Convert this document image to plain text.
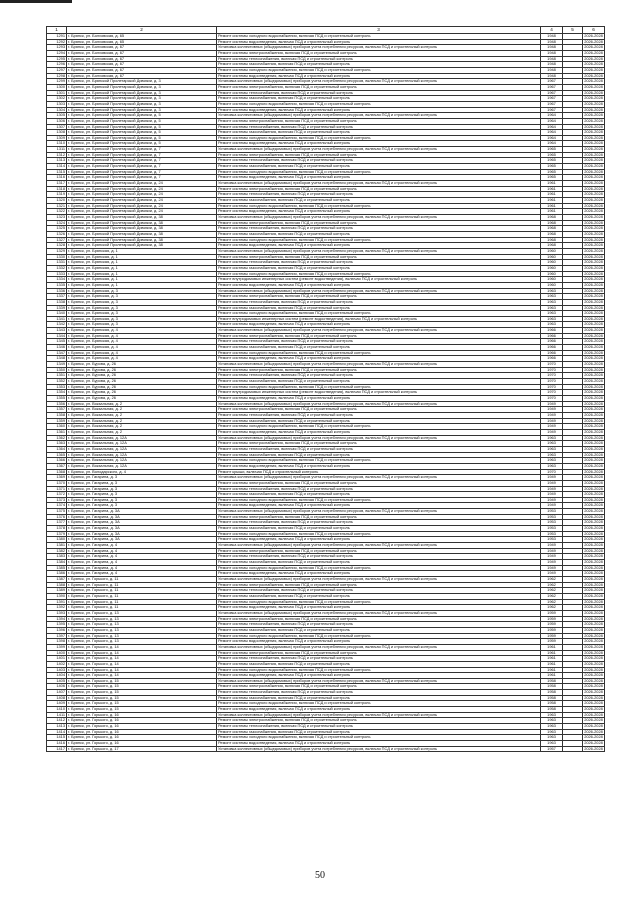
1	2	3	4	5	6
1291	г. Брянск, ул. Болховская, д. 65	Ремонт системы холодного водоснабжения, включая ПСД и строительный контроль	1948		2026-2028
1292	г. Брянск, ул. Болховская, д. 65	Ремонт системы водоотведения, включая ПСД и строительный контроль	1948		2026-2028
1293	г. Брянск, ул. Болховская, д. 67	Установка коллективных (общедомовых) приборов учета потребления ресурсов, включая ПСД и строительный контроль	1948		2026-2028
1294	г. Брянск, ул. Болховская, д. 67	Ремонт системы электроснабжения, включая ПСД и строительный контроль	1948		2026-2028
1295	г. Брянск, ул. Болховская, д. 67	Ремонт системы теплоснабжения, включая ПСД и строительный контроль	1948		2026-2028
1296	г. Брянск, ул. Болховская, д. 67	Ремонт системы газоснабжения, включая ПСД и строительный контроль	1948		2026-2028
1297	г. Брянск, ул. Болховская, д. 67	Ремонт системы холодного водоснабжения, включая ПСД и строительный контроль	1948		2026-2028
1298	г. Брянск, ул. Болховская, д. 67	Ремонт системы водоотведения, включая ПСД и строительный контроль	1948		2026-2028
1299	г. Брянск, ул. Брянской Пролетарской Дивизии, д. 3	Установка коллективных (общедомовых) приборов учета потребления ресурсов, включая ПСД и строительный контроль	1967		2026-2028
1300	г. Брянск, ул. Брянской Пролетарской Дивизии, д. 3	Ремонт системы электроснабжения, включая ПСД и строительный контроль	1967		2026-2028
1301	г. Брянск, ул. Брянской Пролетарской Дивизии, д. 3	Ремонт системы теплоснабжения, включая ПСД и строительный контроль	1967		2026-2028
1302	г. Брянск, ул. Брянской Пролетарской Дивизии, д. 3	Ремонт системы газоснабжения, включая ПСД и строительный контроль	1967		2026-2028
1303	г. Брянск, ул. Брянской Пролетарской Дивизии, д. 3	Ремонт системы холодного водоснабжения, включая ПСД и строительный контроль	1967		2026-2028
1304	г. Брянск, ул. Брянской Пролетарской Дивизии, д. 3	Ремонт системы водоотведения, включая ПСД и строительный контроль	1967		2026-2028
1305	г. Брянск, ул. Брянской Пролетарской Дивизии, д. 5	Установка коллективных (общедомовых) приборов учета потребления ресурсов, включая ПСД и строительный контроль	1964		2026-2028
1306	г. Брянск, ул. Брянской Пролетарской Дивизии, д. 5	Ремонт системы электроснабжения, включая ПСД и строительный контроль	1964		2026-2028
1307	г. Брянск, ул. Брянской Пролетарской Дивизии, д. 5	Ремонт системы теплоснабжения, включая ПСД и строительный контроль	1964		2026-2028
1308	г. Брянск, ул. Брянской Пролетарской Дивизии, д. 5	Ремонт системы газоснабжения, включая ПСД и строительный контроль	1964		2026-2028
1309	г. Брянск, ул. Брянской Пролетарской Дивизии, д. 5	Ремонт системы холодного водоснабжения, включая ПСД и строительный контроль	1964		2026-2028
1310	г. Брянск, ул. Брянской Пролетарской Дивизии, д. 5	Ремонт системы водоотведения, включая ПСД и строительный контроль	1964		2026-2028
1311	г. Брянск, ул. Брянской Пролетарской Дивизии, д. 7	Установка коллективных (общедомовых) приборов учета потребления ресурсов, включая ПСД и строительный контроль	1965		2026-2028
1312	г. Брянск, ул. Брянской Пролетарской Дивизии, д. 7	Ремонт системы электроснабжения, включая ПСД и строительный контроль	1965		2026-2028
1313	г. Брянск, ул. Брянской Пролетарской Дивизии, д. 7	Ремонт системы теплоснабжения, включая ПСД и строительный контроль	1965		2026-2028
1314	г. Брянск, ул. Брянской Пролетарской Дивизии, д. 7	Ремонт системы газоснабжения, включая ПСД и строительный контроль	1965		2026-2028
1315	г. Брянск, ул. Брянской Пролетарской Дивизии, д. 7	Ремонт системы холодного водоснабжения, включая ПСД и строительный контроль	1965		2026-2028
1316	г. Брянск, ул. Брянской Пролетарской Дивизии, д. 7	Ремонт системы водоотведения, включая ПСД и строительный контроль	1965		2026-2028
1317	г. Брянск, ул. Брянской Пролетарской Дивизии, д. 24	Установка коллективных (общедомовых) приборов учета потребления ресурсов, включая ПСД и строительный контроль	1961		2026-2028
1318	г. Брянск, ул. Брянской Пролетарской Дивизии, д. 24	Ремонт системы электроснабжения, включая ПСД и строительный контроль	1961		2026-2028
1319	г. Брянск, ул. Брянской Пролетарской Дивизии, д. 24	Ремонт системы теплоснабжения, включая ПСД и строительный контроль	1961		2026-2028
1320	г. Брянск, ул. Брянской Пролетарской Дивизии, д. 24	Ремонт системы газоснабжения, включая ПСД и строительный контроль	1961		2026-2028
1321	г. Брянск, ул. Брянской Пролетарской Дивизии, д. 24	Ремонт системы холодного водоснабжения, включая ПСД и строительный контроль	1961		2026-2028
1322	г. Брянск, ул. Брянской Пролетарской Дивизии, д. 24	Ремонт системы водоотведения, включая ПСД и строительный контроль	1961		2026-2028
1323	г. Брянск, ул. Брянской Пролетарской Дивизии, д. 38	Установка коллективных (общедомовых) приборов учета потребления ресурсов, включая ПСД и строительный контроль	1968		2026-2028
1324	г. Брянск, ул. Брянской Пролетарской Дивизии, д. 38	Ремонт системы электроснабжения, включая ПСД и строительный контроль	1968		2026-2028
1325	г. Брянск, ул. Брянской Пролетарской Дивизии, д. 38	Ремонт системы теплоснабжения, включая ПСД и строительный контроль	1968		2026-2028
1326	г. Брянск, ул. Брянской Пролетарской Дивизии, д. 38	Ремонт системы газоснабжения, включая ПСД и строительный контроль	1968		2026-2028
1327	г. Брянск, ул. Брянской Пролетарской Дивизии, д. 38	Ремонт системы холодного водоснабжения, включая ПСД и строительный контроль	1968		2026-2028
1328	г. Брянск, ул. Брянской Пролетарской Дивизии, д. 38	Ремонт системы водоотведения, включая ПСД и строительный контроль	1968		2026-2028
1329	г. Брянск, ул. Брянская, д. 1	Установка коллективных (общедомовых) приборов учета потребления ресурсов, включая ПСД и строительный контроль	1960		2026-2028
1330	г. Брянск, ул. Брянская, д. 1	Ремонт системы электроснабжения, включая ПСД и строительный контроль	1960		2026-2028
1331	г. Брянск, ул. Брянская, д. 1	Ремонт системы теплоснабжения, включая ПСД и строительный контроль	1960		2026-2028
1332	г. Брянск, ул. Брянская, д. 1	Ремонт системы газоснабжения, включая ПСД и строительный контроль	1960		2026-2028
1333	г. Брянск, ул. Брянская, д. 1	Ремонт системы холодного водоснабжения, включая ПСД и строительный контроль	1960		2026-2028
1334	г. Брянск, ул. Брянская, д. 1	Ремонт внутридомовых инженерных систем (ремонт водоотведения), включая ПСД и строительный контроль	1960		2026-2028
1335	г. Брянск, ул. Брянская, д. 1	Ремонт системы водоотведения, включая ПСД и строительный контроль	1960		2026-2028
1336	г. Брянск, ул. Брянская, д. 3	Установка коллективных (общедомовых) приборов учета потребления ресурсов, включая ПСД и строительный контроль	1963		2026-2028
1337	г. Брянск, ул. Брянская, д. 3	Ремонт системы электроснабжения, включая ПСД и строительный контроль	1963		2026-2028
1338	г. Брянск, ул. Брянская, д. 3	Ремонт системы теплоснабжения, включая ПСД и строительный контроль	1963		2026-2028
1339	г. Брянск, ул. Брянская, д. 3	Ремонт системы газоснабжения, включая ПСД и строительный контроль	1963		2026-2028
1340	г. Брянск, ул. Брянская, д. 3	Ремонт системы холодного водоснабжения, включая ПСД и строительный контроль	1963		2026-2028
1341	г. Брянск, ул. Брянская, д. 3	Ремонт внутридомовых инженерных систем (ремонт водоотведения), включая ПСД и строительный контроль	1963		2026-2028
1342	г. Брянск, ул. Брянская, д. 3	Ремонт системы водоотведения, включая ПСД и строительный контроль	1963		2026-2028
1343	г. Брянск, ул. Брянская, д. 4	Установка коллективных (общедомовых) приборов учета потребления ресурсов, включая ПСД и строительный контроль	1966		2026-2028
1344	г. Брянск, ул. Брянская, д. 4	Ремонт системы электроснабжения, включая ПСД и строительный контроль	1966		2026-2028
1345	г. Брянск, ул. Брянская, д. 4	Ремонт системы теплоснабжения, включая ПСД и строительный контроль	1966		2026-2028
1346	г. Брянск, ул. Брянская, д. 4	Ремонт системы газоснабжения, включая ПСД и строительный контроль	1966		2026-2028
1347	г. Брянск, ул. Брянская, д. 4	Ремонт системы холодного водоснабжения, включая ПСД и строительный контроль	1966		2026-2028
1348	г. Брянск, ул. Брянская, д. 4	Ремонт системы водоотведения, включая ПСД и строительный контроль	1966		2026-2028
1349	г. Брянск, ул. Бурова, д. 26	Установка коллективных (общедомовых) приборов учета потребления ресурсов, включая ПСД и строительный контроль	1970		2026-2028
1350	г. Брянск, ул. Бурова, д. 26	Ремонт системы электроснабжения, включая ПСД и строительный контроль	1970		2026-2028
1351	г. Брянск, ул. Бурова, д. 26	Ремонт системы теплоснабжения, включая ПСД и строительный контроль	1970		2026-2028
1352	г. Брянск, ул. Бурова, д. 26	Ремонт системы газоснабжения, включая ПСД и строительный контроль	1970		2026-2028
1353	г. Брянск, ул. Бурова, д. 26	Ремонт системы холодного водоснабжения, включая ПСД и строительный контроль	1970		2026-2028
1354	г. Брянск, ул. Бурова, д. 26	Ремонт внутридомовых инженерных систем (ремонт водоотведения), включая ПСД и строительный контроль	1970		2026-2028
1355	г. Брянск, ул. Бурова, д. 26	Ремонт системы водоотведения, включая ПСД и строительный контроль	1970		2026-2028
1356	г. Брянск, ул. Вокзальная, д. 2	Установка коллективных (общедомовых) приборов учета потребления ресурсов, включая ПСД и строительный контроль	1949		2026-2028
1357	г. Брянск, ул. Вокзальная, д. 2	Ремонт системы электроснабжения, включая ПСД и строительный контроль	1949		2026-2028
1358	г. Брянск, ул. Вокзальная, д. 2	Ремонт системы теплоснабжения, включая ПСД и строительный контроль	1949		2026-2028
1359	г. Брянск, ул. Вокзальная, д. 2	Ремонт системы газоснабжения, включая ПСД и строительный контроль	1949		2026-2028
1360	г. Брянск, ул. Вокзальная, д. 2	Ремонт системы холодного водоснабжения, включая ПСД и строительный контроль	1949		2026-2028
1361	г. Брянск, ул. Вокзальная, д. 2	Ремонт системы водоотведения, включая ПСД и строительный контроль	1949		2026-2028
1362	г. Брянск, ул. Вокзальная, д. 12А	Установка коллективных (общедомовых) приборов учета потребления ресурсов, включая ПСД и строительный контроль	1963		2026-2028
1363	г. Брянск, ул. Вокзальная, д. 12А	Ремонт системы электроснабжения, включая ПСД и строительный контроль	1963		2026-2028
1364	г. Брянск, ул. Вокзальная, д. 12А	Ремонт системы теплоснабжения, включая ПСД и строительный контроль	1963		2026-2028
1365	г. Брянск, ул. Вокзальная, д. 12А	Ремонт системы газоснабжения, включая ПСД и строительный контроль	1963		2026-2028
1366	г. Брянск, ул. Вокзальная, д. 12А	Ремонт системы холодного водоснабжения, включая ПСД и строительный контроль	1963		2026-2028
1367	г. Брянск, ул. Вокзальная, д. 12А	Ремонт системы водоотведения, включая ПСД и строительный контроль	1963		2026-2028
1368	г. Брянск, ул. Володарского, д. 4	Ремонт крыши, включая ПСД и строительный контроль	1970		2026-2028
1369	г. Брянск, ул. Гагарина, д. 3	Установка коллективных (общедомовых) приборов учета потребления ресурсов, включая ПСД и строительный контроль	1949		2026-2028
1370	г. Брянск, ул. Гагарина, д. 3	Ремонт системы электроснабжения, включая ПСД и строительный контроль	1949		2026-2028
1371	г. Брянск, ул. Гагарина, д. 3	Ремонт системы теплоснабжения, включая ПСД и строительный контроль	1949		2026-2028
1372	г. Брянск, ул. Гагарина, д. 3	Ремонт системы газоснабжения, включая ПСД и строительный контроль	1949		2026-2028
1373	г. Брянск, ул. Гагарина, д. 3	Ремонт системы холодного водоснабжения, включая ПСД и строительный контроль	1949		2026-2028
1374	г. Брянск, ул. Гагарина, д. 3	Ремонт системы водоотведения, включая ПСД и строительный контроль	1949		2026-2028
1375	г. Брянск, ул. Гагарина, д. 3А	Установка коллективных (общедомовых) приборов учета потребления ресурсов, включая ПСД и строительный контроль	1953		2026-2028
1376	г. Брянск, ул. Гагарина, д. 3А	Ремонт системы электроснабжения, включая ПСД и строительный контроль	1953		2026-2028
1377	г. Брянск, ул. Гагарина, д. 3А	Ремонт системы теплоснабжения, включая ПСД и строительный контроль	1953		2026-2028
1378	г. Брянск, ул. Гагарина, д. 3А	Ремонт системы газоснабжения, включая ПСД и строительный контроль	1953		2026-2028
1379	г. Брянск, ул. Гагарина, д. 3А	Ремонт системы холодного водоснабжения, включая ПСД и строительный контроль	1953		2026-2028
1380	г. Брянск, ул. Гагарина, д. 3А	Ремонт системы водоотведения, включая ПСД и строительный контроль	1953		2026-2028
1381	г. Брянск, ул. Гагарина, д. 4	Установка коллективных (общедомовых) приборов учета потребления ресурсов, включая ПСД и строительный контроль	1949		2026-2028
1382	г. Брянск, ул. Гагарина, д. 4	Ремонт системы электроснабжения, включая ПСД и строительный контроль	1949		2026-2028
1383	г. Брянск, ул. Гагарина, д. 4	Ремонт системы теплоснабжения, включая ПСД и строительный контроль	1949		2026-2028
1384	г. Брянск, ул. Гагарина, д. 4	Ремонт системы газоснабжения, включая ПСД и строительный контроль	1949		2026-2028
1385	г. Брянск, ул. Гагарина, д. 4	Ремонт системы холодного водоснабжения, включая ПСД и строительный контроль	1949		2026-2028
1386	г. Брянск, ул. Гагарина, д. 4	Ремонт системы водоотведения, включая ПСД и строительный контроль	1949		2026-2028
1387	г. Брянск, ул. Горького, д. 11	Установка коллективных (общедомовых) приборов учета потребления ресурсов, включая ПСД и строительный контроль	1962		2026-2028
1388	г. Брянск, ул. Горького, д. 11	Ремонт системы электроснабжения, включая ПСД и строительный контроль	1962		2026-2028
1389	г. Брянск, ул. Горького, д. 11	Ремонт системы теплоснабжения, включая ПСД и строительный контроль	1962		2026-2028
1390	г. Брянск, ул. Горького, д. 11	Ремонт системы газоснабжения, включая ПСД и строительный контроль	1962		2026-2028
1391	г. Брянск, ул. Горького, д. 11	Ремонт системы холодного водоснабжения, включая ПСД и строительный контроль	1962		2026-2028
1392	г. Брянск, ул. Горького, д. 11	Ремонт системы водоотведения, включая ПСД и строительный контроль	1962		2026-2028
1393	г. Брянск, ул. Горького, д. 13	Установка коллективных (общедомовых) приборов учета потребления ресурсов, включая ПСД и строительный контроль	1959		2026-2028
1394	г. Брянск, ул. Горького, д. 13	Ремонт системы электроснабжения, включая ПСД и строительный контроль	1959		2026-2028
1395	г. Брянск, ул. Горького, д. 13	Ремонт системы теплоснабжения, включая ПСД и строительный контроль	1959		2026-2028
1396	г. Брянск, ул. Горького, д. 13	Ремонт системы газоснабжения, включая ПСД и строительный контроль	1959		2026-2028
1397	г. Брянск, ул. Горького, д. 13	Ремонт системы холодного водоснабжения, включая ПСД и строительный контроль	1959		2026-2028
1398	г. Брянск, ул. Горького, д. 13	Ремонт системы водоотведения, включая ПСД и строительный контроль	1959		2026-2028
1399	г. Брянск, ул. Горького, д. 14	Установка коллективных (общедомовых) приборов учета потребления ресурсов, включая ПСД и строительный контроль	1961		2026-2028
1400	г. Брянск, ул. Горького, д. 14	Ремонт системы электроснабжения, включая ПСД и строительный контроль	1961		2026-2028
1401	г. Брянск, ул. Горького, д. 14	Ремонт системы теплоснабжения, включая ПСД и строительный контроль	1961		2026-2028
1402	г. Брянск, ул. Горького, д. 14	Ремонт системы газоснабжения, включая ПСД и строительный контроль	1961		2026-2028
1403	г. Брянск, ул. Горького, д. 14	Ремонт системы холодного водоснабжения, включая ПСД и строительный контроль	1961		2026-2028
1404	г. Брянск, ул. Горького, д. 14	Ремонт системы водоотведения, включая ПСД и строительный контроль	1961		2026-2028
1405	г. Брянск, ул. Горького, д. 15	Установка коллективных (общедомовых) приборов учета потребления ресурсов, включая ПСД и строительный контроль	1958		2026-2028
1406	г. Брянск, ул. Горького, д. 15	Ремонт системы электроснабжения, включая ПСД и строительный контроль	1958		2026-2028
1407	г. Брянск, ул. Горького, д. 15	Ремонт системы теплоснабжения, включая ПСД и строительный контроль	1958		2026-2028
1408	г. Брянск, ул. Горького, д. 15	Ремонт системы газоснабжения, включая ПСД и строительный контроль	1958		2026-2028
1409	г. Брянск, ул. Горького, д. 15	Ремонт системы холодного водоснабжения, включая ПСД и строительный контроль	1958		2026-2028
1410	г. Брянск, ул. Горького, д. 15	Ремонт системы водоотведения, включая ПСД и строительный контроль	1958		2026-2028
1411	г. Брянск, ул. Горького, д. 16	Установка коллективных (общедомовых) приборов учета потребления ресурсов, включая ПСД и строительный контроль	1963		2026-2028
1412	г. Брянск, ул. Горького, д. 16	Ремонт системы электроснабжения, включая ПСД и строительный контроль	1963		2026-2028
1413	г. Брянск, ул. Горького, д. 16	Ремонт системы теплоснабжения, включая ПСД и строительный контроль	1963		2026-2028
1414	г. Брянск, ул. Горького, д. 16	Ремонт системы газоснабжения, включая ПСД и строительный контроль	1963		2026-2028
1415	г. Брянск, ул. Горького, д. 16	Ремонт системы холодного водоснабжения, включая ПСД и строительный контроль	1963		2026-2028
1416	г. Брянск, ул. Горького, д. 16	Ремонт системы водоотведения, включая ПСД и строительный контроль	1963		2026-2028
1417	г. Брянск, ул. Горького, д. 17	Установка коллективных (общедомовых) приборов учета потребления ресурсов, включая ПСД и строительный контроль	1957		2026-2028
50
